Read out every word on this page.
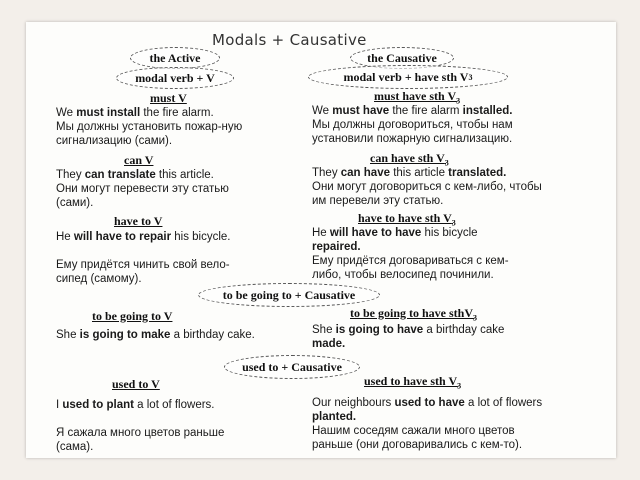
Modals + Causative
the Active	the Causative
modal verb + V	modal verb + have sth V 3
to be going to + Causative
used to + Causative
must V
We must install the fire alarm.
Мы должны установить пожар-ную сигнализацию (сами).
can V
They can translate this article.
Они могут перевести эту статью (сами).
have to V
He will have to repair his bicycle.

Ему придётся чинить свой вело-сипед (самому).
to be going to V
She is going to make a birthday cake.
used to V
I used to plant a lot of flowers.

Я сажала много цветов раньше (сама).
must have sth $V_3$
We must have the fire alarm installed.
Мы должны договориться, чтобы нам установили пожарную сигнализацию.
can have sth $V_3$
They can have this article translated.
Они могут договориться с кем-либо, чтобы им перевели эту статью.
have to have sth $V_3$
He will have to have his bicycle repaired.
Ему придётся договариваться с кем-либо, чтобы велосипед починили.
to be going to have sthV$_3$
She is going to have a birthday cake made.
used to have sth $V_3$
Our neighbours used to have a lot of flowers planted.
Нашим соседям сажали много цветов раньше (они договаривались с кем-то).
